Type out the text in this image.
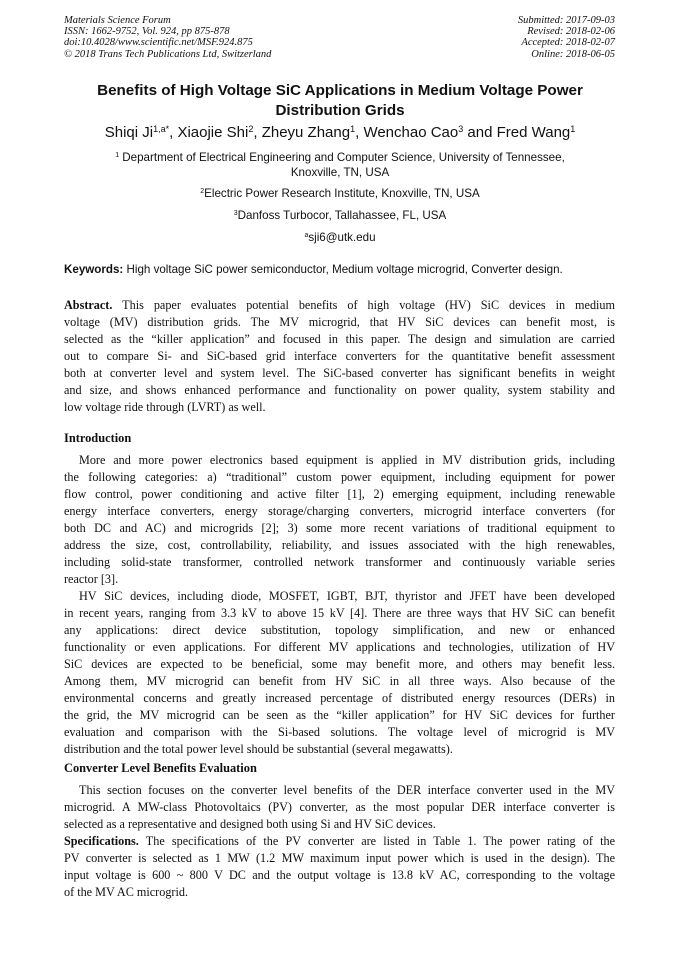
Materials Science Forum
ISSN: 1662-9752, Vol. 924, pp 875-878
doi:10.4028/www.scientific.net/MSF.924.875
© 2018 Trans Tech Publications Ltd, Switzerland
Submitted: 2017-09-03
Revised: 2018-02-06
Accepted: 2018-02-07
Online: 2018-06-05
Benefits of High Voltage SiC Applications in Medium Voltage Power
Distribution Grids
Shiqi $Ji^{1,a*}$, Xiaojie Shi$^2$, Zheyu Zhang$^1$, Wenchao Cao$^3$ and Fred Wang$^1$
$^1$ Department of Electrical Engineering and Computer Science, University of Tennessee,
Knoxville, TN, USA
$^2$Electric Power Research Institute, Knoxville, TN, USA
$^3$Danfoss Turbocor, Tallahassee, FL, USA
$^a$sji6@utk.edu
Keywords: High voltage SiC power semiconductor, Medium voltage microgrid, Converter design.
Abstract. This paper evaluates potential benefits of high voltage (HV) SiC devices in medium
voltage (MV) distribution grids. The MV microgrid, that HV SiC devices can benefit most, is
selected as the “killer application” and focused in this paper. The design and simulation are carried
out to compare Si- and SiC-based grid interface converters for the quantitative benefit assessment
both at converter level and system level. The SiC-based converter has significant benefits in weight
and size, and shows enhanced performance and functionality on power quality, system stability and
low voltage ride through (LVRT) as well.
Introduction
More and more power electronics based equipment is applied in MV distribution grids, including
the following categories: a) “traditional” custom power equipment, including equipment for power
flow control, power conditioning and active filter [1], 2) emerging equipment, including renewable
energy interface converters, energy storage/charging converters, microgrid interface converters (for
both DC and AC) and microgrids [2]; 3) some more recent variations of traditional equipment to
address the size, cost, controllability, reliability, and issues associated with the high renewables,
including solid-state transformer, controlled network transformer and continuously variable series
reactor [3].
HV SiC devices, including diode, MOSFET, IGBT, BJT, thyristor and JFET have been developed
in recent years, ranging from 3.3 kV to above 15 kV [4]. There are three ways that HV SiC can benefit
any applications: direct device substitution, topology simplification, and new or enhanced
functionality or even applications. For different MV applications and technologies, utilization of HV
SiC devices are expected to be beneficial, some may benefit more, and others may benefit less.
Among them, MV microgrid can benefit from HV SiC in all three ways. Also because of the
environmental concerns and greatly increased percentage of distributed energy resources (DERs) in
the grid, the MV microgrid can be seen as the “killer application” for HV SiC devices for further
evaluation and comparison with the Si-based solutions. The voltage level of microgrid is MV
distribution and the total power level should be substantial (several megawatts).
Converter Level Benefits Evaluation
This section focuses on the converter level benefits of the DER interface converter used in the MV
microgrid. A MW-class Photovoltaics (PV) converter, as the most popular DER interface converter is
selected as a representative and designed both using Si and HV SiC devices.
Specifications. The specifications of the PV converter are listed in Table 1. The power rating of the
PV converter is selected as 1 MW (1.2 MW maximum input power which is used in the design). The
input voltage is 600 ~ 800 V DC and the output voltage is 13.8 kV AC, corresponding to the voltage
of the MV AC microgrid.
